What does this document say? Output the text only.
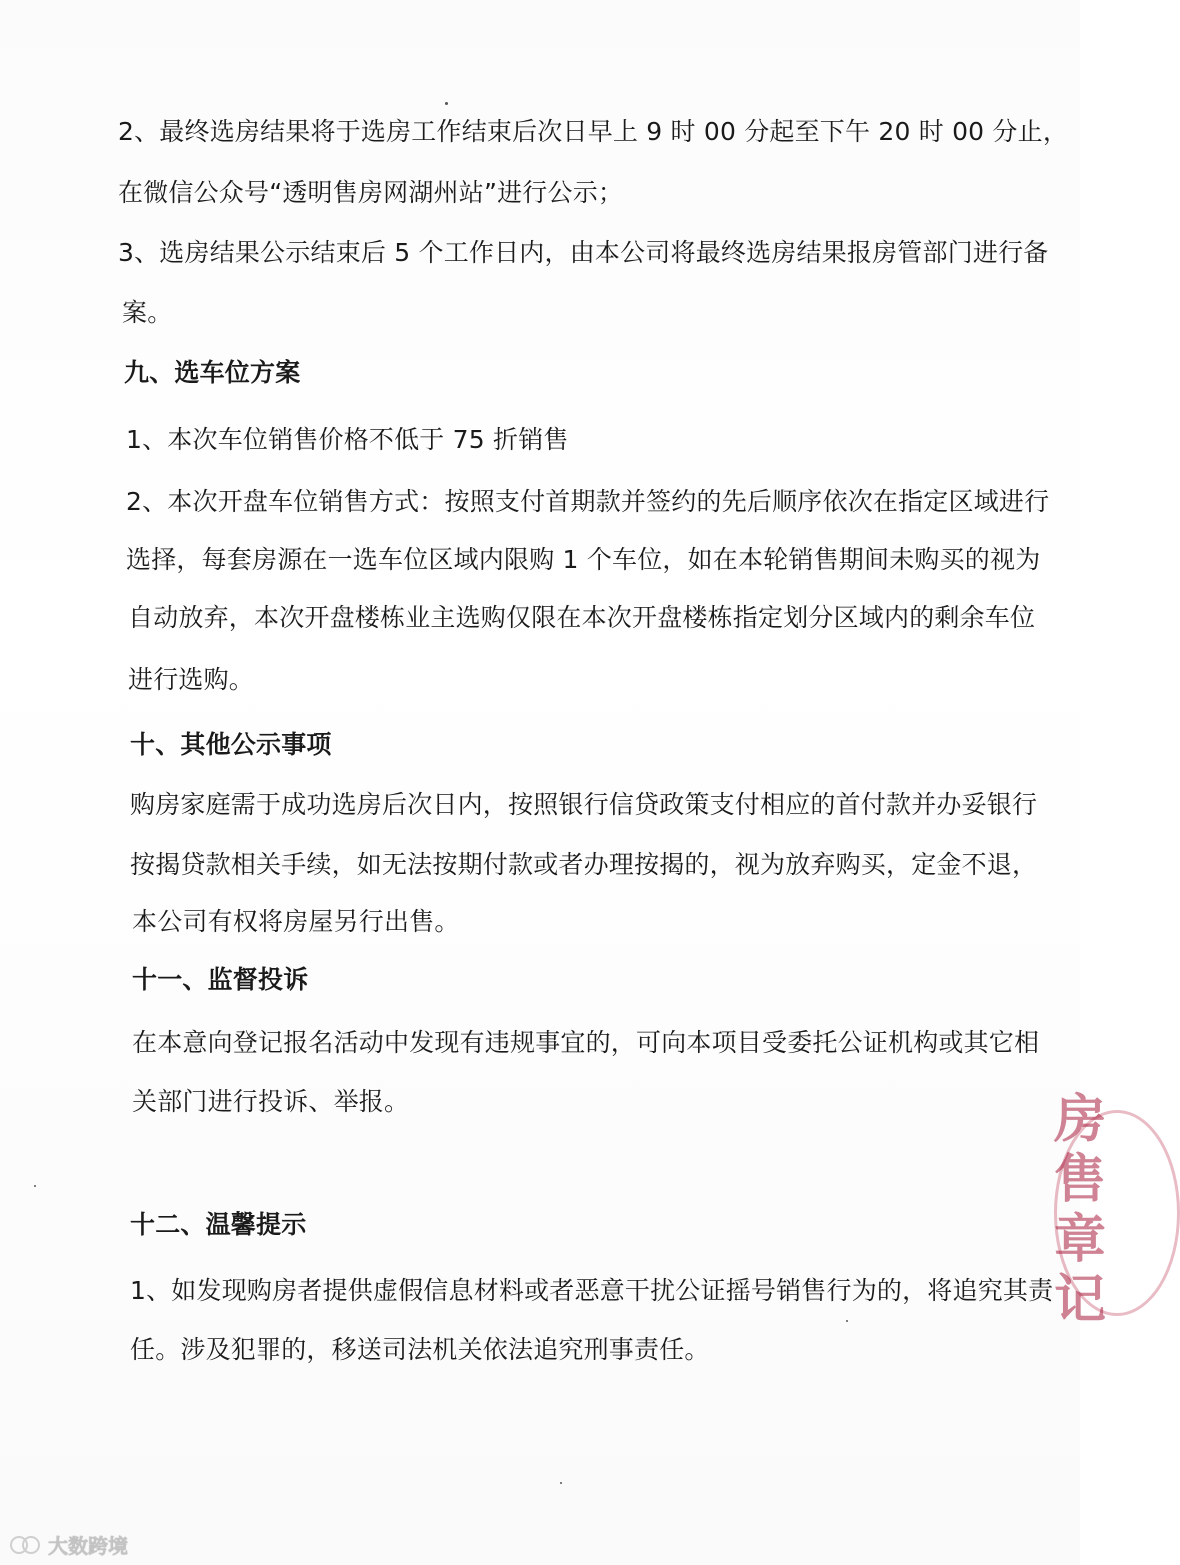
2、最终选房结果将于选房工作结束后次日早上 9 时 00 分起至下午 20 时 00 分止，
在微信公众号“透明售房网湖州站”进行公示；
3、选房结果公示结束后 5 个工作日内，由本公司将最终选房结果报房管部门进行备
案。
九、选车位方案
1、本次车位销售价格不低于 75 折销售
2、本次开盘车位销售方式：按照支付首期款并签约的先后顺序依次在指定区域进行
选择，每套房源在一选车位区域内限购 1 个车位，如在本轮销售期间未购买的视为
自动放弃，本次开盘楼栋业主选购仅限在本次开盘楼栋指定划分区域内的剩余车位
进行选购。
十、其他公示事项
购房家庭需于成功选房后次日内，按照银行信贷政策支付相应的首付款并办妥银行
按揭贷款相关手续，如无法按期付款或者办理按揭的，视为放弃购买，定金不退，
本公司有权将房屋另行出售。
十一、监督投诉
在本意向登记报名活动中发现有违规事宜的，可向本项目受委托公证机构或其它相
关部门进行投诉、举报。
十二、温馨提示
1、如发现购房者提供虚假信息材料或者恶意干扰公证摇号销售行为的，将追究其责
任。涉及犯罪的，移送司法机关依法追究刑事责任。
房
售
章
记
大数跨境
